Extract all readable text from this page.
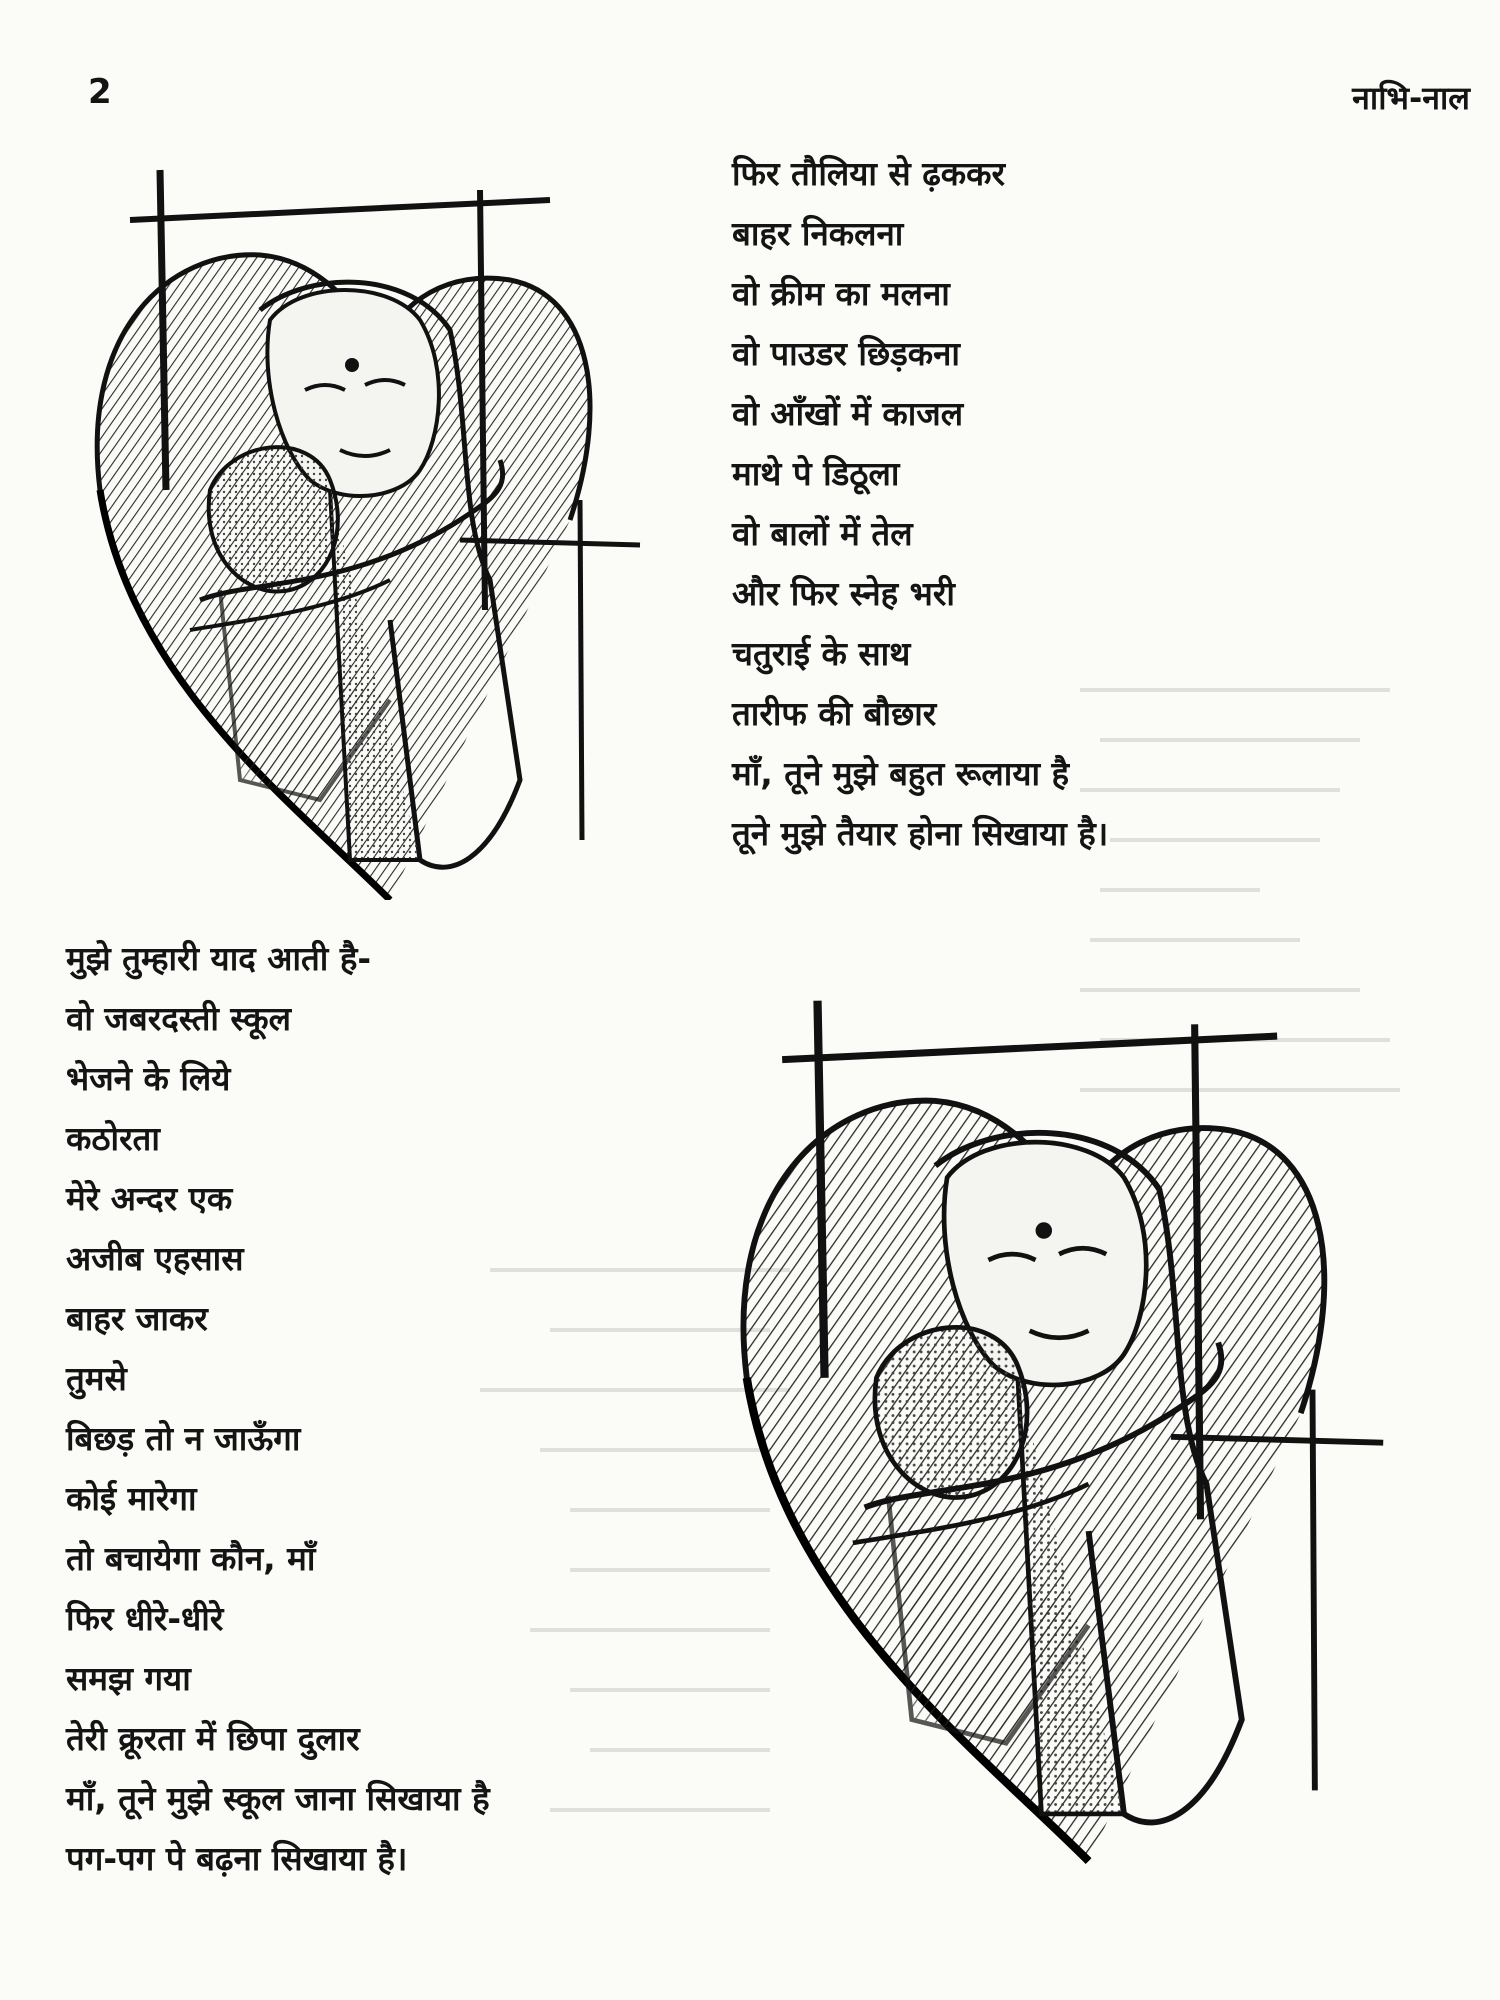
2	नाभि-नाल
फिर तौलिया से ढ़ककर
बाहर निकलना
वो क्रीम का मलना
वो पाउडर छिड़कना
वो आँखों में काजल
माथे पे डिठूला
वो बालों में तेल
और फिर स्नेह भरी
चतुराई के साथ
तारीफ की बौछार
माँ, तूने मुझे बहुत रूलाया है
तूने मुझे तैयार होना सिखाया है।
मुझे तुम्हारी याद आती है-
वो जबरदस्ती स्कूल
भेजने के लिये
कठोरता
मेरे अन्दर एक
अजीब एहसास
बाहर जाकर
तुमसे
बिछड़ तो न जाऊँगा
कोई मारेगा
तो बचायेगा कौन, माँ
फिर धीरे-धीरे
समझ गया
तेरी क्रूरता में छिपा दुलार
माँ, तूने मुझे स्कूल जाना सिखाया है
पग-पग पे बढ़ना सिखाया है।
